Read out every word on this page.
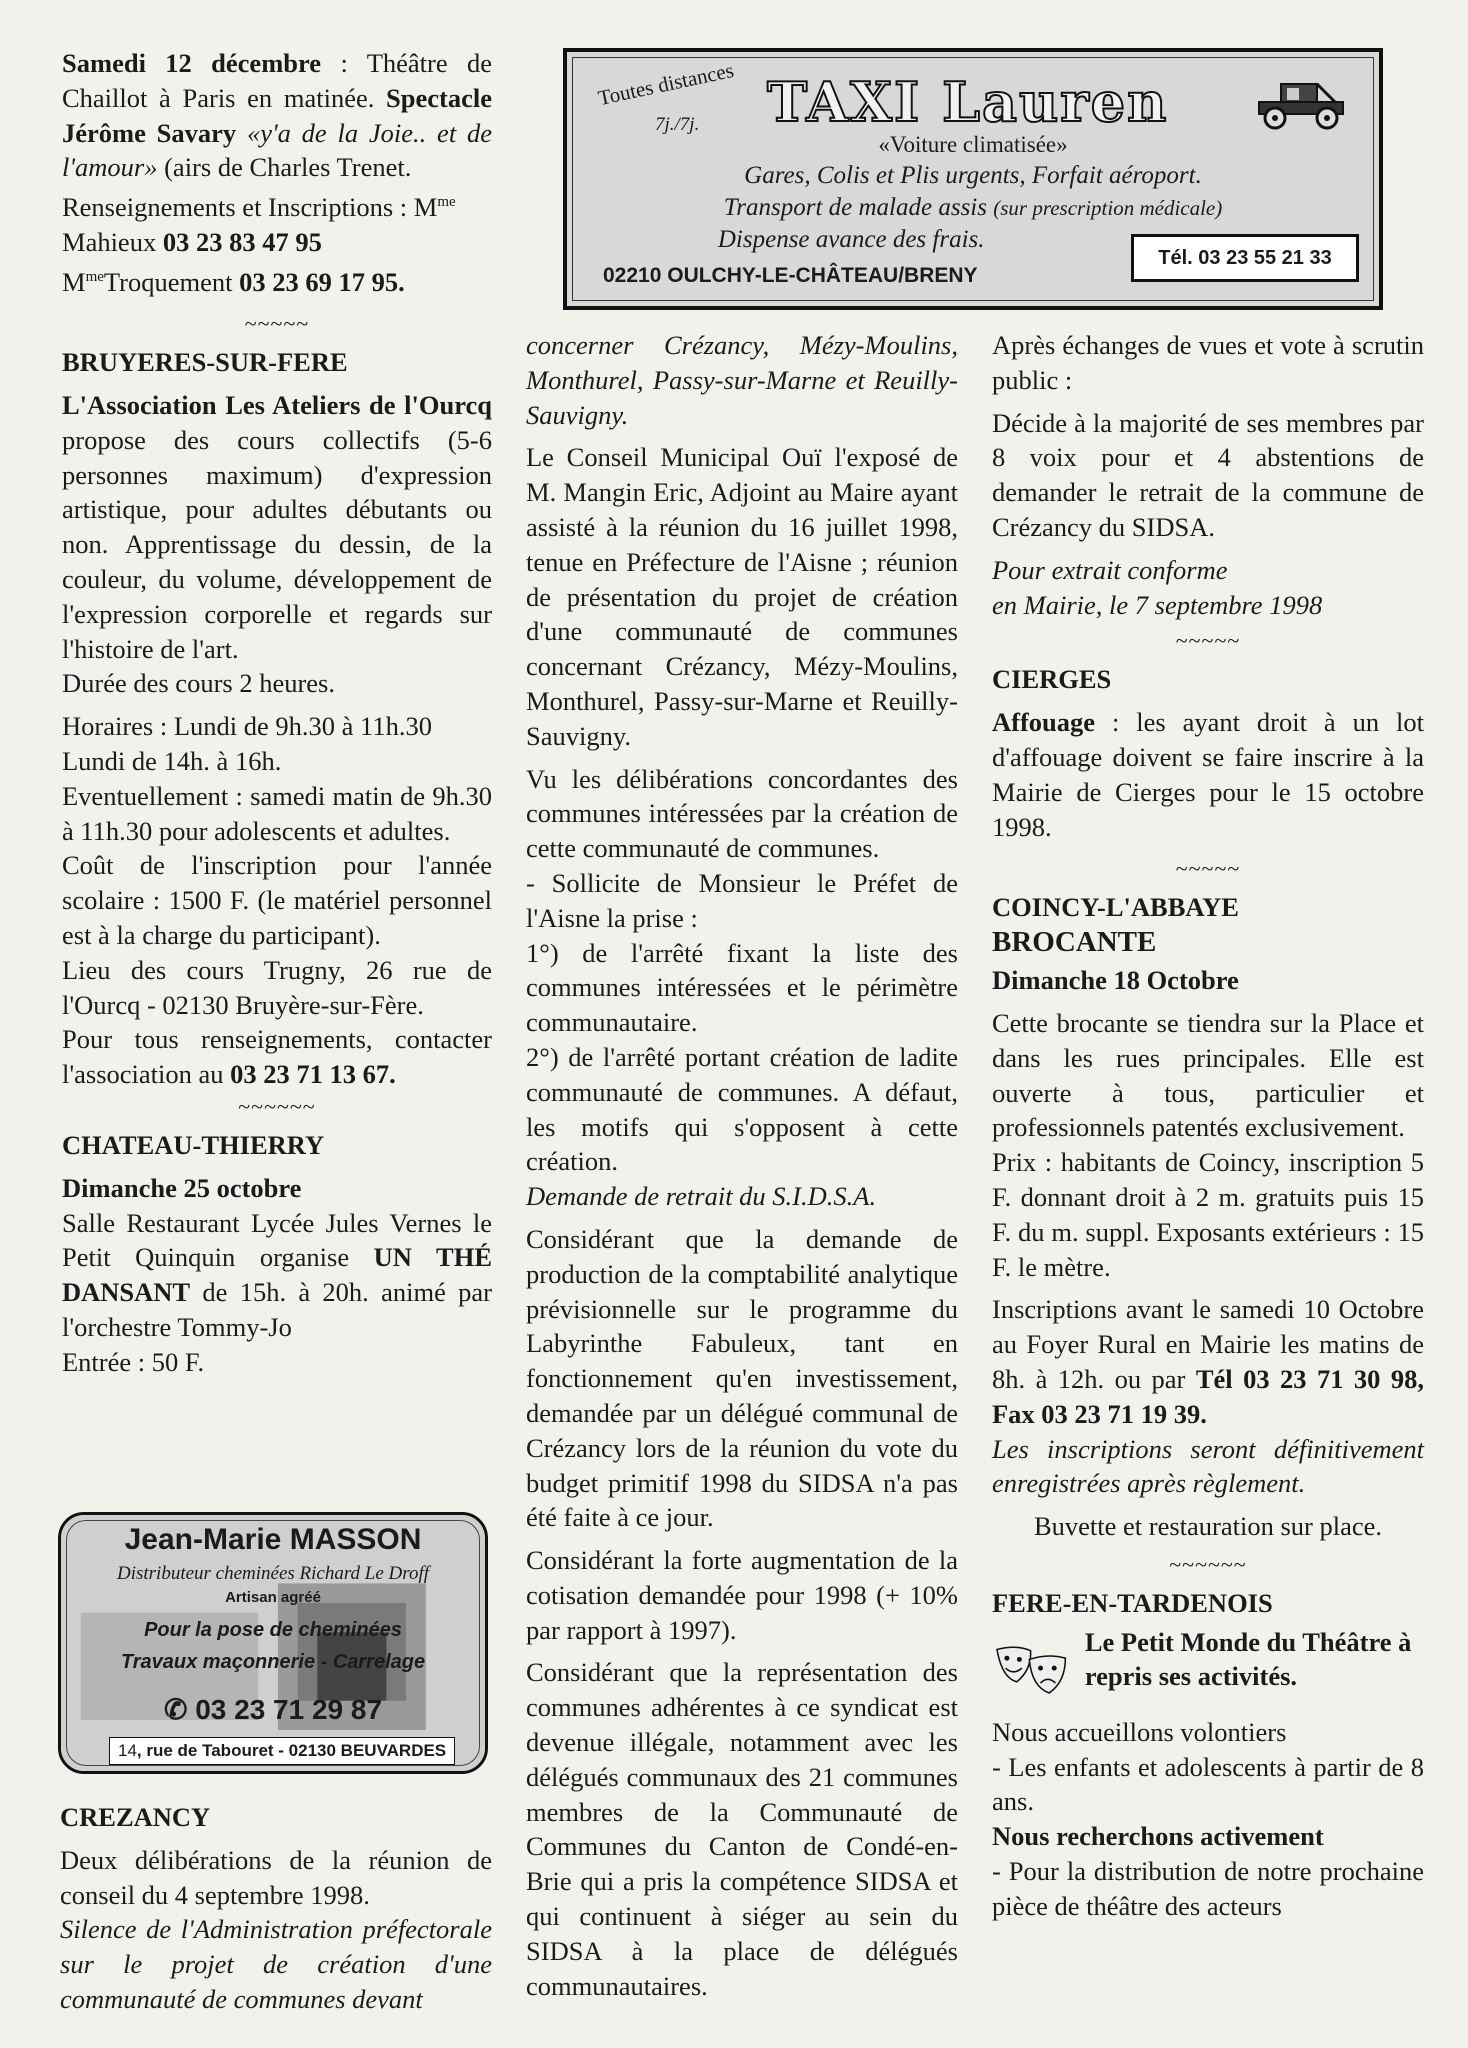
Toutes distances
7j./7j. TAXI Lauren
«Voiture climatisée»
Gares, Colis et Plis urgents, Forfait aéroport.
Transport de malade assis (sur prescription médicale)
Dispense avance des frais.
Tél. 03 23 55 21 33
02210 OULCHY-LE-CHÂTEAU/BRENY

Samedi 12 décembre : Théâtre de Chaillot à Paris en matinée. Spectacle Jérôme Savary «y'a de la Joie.. et de l'amour» (airs de Charles Trenet.

Renseignements et Inscriptions : $M^{me}$ Mahieux 03 23 83 47 95
$M^{me}Troquement$ 03 23 69 17 95.

~~~~~

BRUYERES-SUR-FERE

L'Association Les Ateliers de l'Ourcq propose des cours collectifs (5-6 personnes maximum) d'expression artistique, pour adultes débutants ou non. Apprentissage du dessin, de la couleur, du volume, développement de l'expression corporelle et regards sur l'histoire de l'art.

Durée des cours 2 heures.

Horaires : Lundi de 9h.30 à 11h.30

Lundi de 14h. à 16h.

Eventuellement : samedi matin de 9h.30 à 11h.30 pour adolescents et adultes.

Coût de l'inscription pour l'année scolaire : 1500 F. (le matériel personnel est à la charge du participant).

Lieu des cours Trugny, 26 rue de l'Ourcq - 02130 Bruyère-sur-Fère.

Pour tous renseignements, contacter l'association au 03 23 71 13 67.

~~~~~~

CHATEAU-THIERRY

Dimanche 25 octobre

Salle Restaurant Lycée Jules Vernes le Petit Quinquin organise UN THÉ DANSANT de 15h. à 20h. animé par l'orchestre Tommy-Jo

Entrée : 50 F.

Jean-Marie MASSON
Distributeur cheminées Richard Le Droff
Artisan agréé
Pour la pose de cheminées
Travaux maçonnerie - Carrelage
✆ 03 23 71 29 87
14, rue de Tabouret - 02130 BEUVARDES

CREZANCY

Deux délibérations de la réunion de conseil du 4 septembre 1998.

Silence de l'Administration préfectorale sur le projet de création d'une communauté de communes devant

concerner Crézancy, Mézy-Moulins, Monthurel, Passy-sur-Marne et Reuilly-Sauvigny.

Le Conseil Municipal Ouï l'exposé de M. Mangin Eric, Adjoint au Maire ayant assisté à la réunion du 16 juillet 1998, tenue en Préfecture de l'Aisne ; réunion de présentation du projet de création d'une communauté de communes concernant Crézancy, Mézy-Moulins, Monthurel, Passy-sur-Marne et Reuilly-Sauvigny.

Vu les délibérations concordantes des communes intéressées par la création de cette communauté de communes.

- Sollicite de Monsieur le Préfet de l'Aisne la prise :

1°) de l'arrêté fixant la liste des communes intéressées et le périmètre communautaire.

2°) de l'arrêté portant création de ladite communauté de communes. A défaut, les motifs qui s'opposent à cette création.

Demande de retrait du S.I.D.S.A.

Considérant que la demande de production de la comptabilité analytique prévisionnelle sur le programme du Labyrinthe Fabuleux, tant en fonctionnement qu'en investissement, demandée par un délégué communal de Crézancy lors de la réunion du vote du budget primitif 1998 du SIDSA n'a pas été faite à ce jour.

Considérant la forte augmentation de la cotisation demandée pour 1998 (+ 10% par rapport à 1997).

Considérant que la représentation des communes adhérentes à ce syndicat est devenue illégale, notamment avec les délégués communaux des 21 communes membres de la Communauté de Communes du Canton de Condé-en-Brie qui a pris la compétence SIDSA et qui continuent à siéger au sein du SIDSA à la place de délégués communautaires.

Après échanges de vues et vote à scrutin public :

Décide à la majorité de ses membres par 8 voix pour et 4 abstentions de demander le retrait de la commune de Crézancy du SIDSA.

Pour extrait conforme

en Mairie, le 7 septembre 1998

~~~~~

CIERGES

Affouage : les ayant droit à un lot d'affouage doivent se faire inscrire à la Mairie de Cierges pour le 15 octobre 1998.

~~~~~

COINCY-L'ABBAYE

BROCANTE

Dimanche 18 Octobre

Cette brocante se tiendra sur la Place et dans les rues principales. Elle est ouverte à tous, particulier et professionnels patentés exclusivement.

Prix : habitants de Coincy, inscription 5 F. donnant droit à 2 m. gratuits puis 15 F. du m. suppl. Exposants extérieurs : 15 F. le mètre.

Inscriptions avant le samedi 10 Octobre au Foyer Rural en Mairie les matins de 8h. à 12h. ou par Tél 03 23 71 30 98, Fax 03 23 71 19 39.

Les inscriptions seront définitivement enregistrées après règlement.

Buvette et restauration sur place.

~~~~~~

FERE-EN-TARDENOIS

Le Petit Monde du Théâtre à repris ses activités.

Nous accueillons volontiers

- Les enfants et adolescents à partir de 8 ans.

Nous recherchons activement

- Pour la distribution de notre prochaine pièce de théâtre des acteurs
